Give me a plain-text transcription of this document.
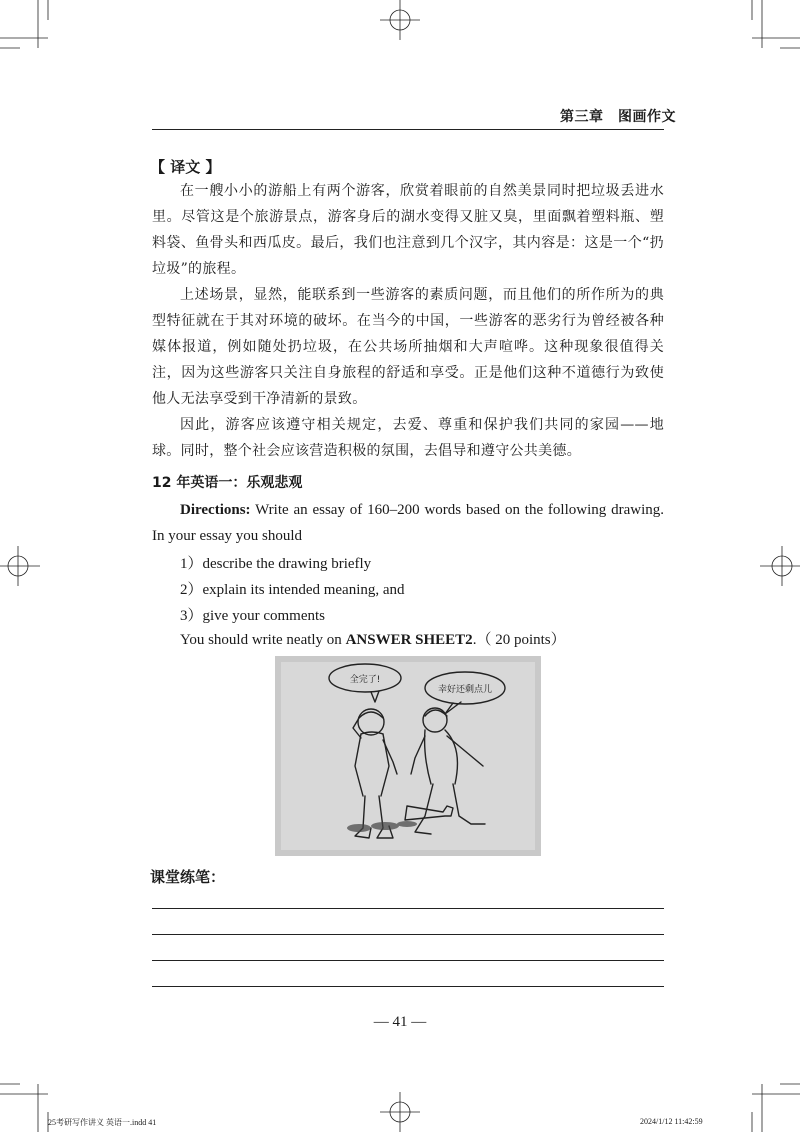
第三章　图画作文
【 译文 】
在一艘小小的游船上有两个游客，欣赏着眼前的自然美景同时把垃圾丢进水里。尽管这是个旅游景点，游客身后的湖水变得又脏又臭，里面飘着塑料瓶、塑料袋、鱼骨头和西瓜皮。最后，我们也注意到几个汉字，其内容是：这是一个“扔垃圾”的旅程。
上述场景，显然，能联系到一些游客的素质问题，而且他们的所作所为的典型特征就在于其对环境的破坏。在当今的中国，一些游客的恶劣行为曾经被各种媒体报道，例如随处扔垃圾，在公共场所抽烟和大声喧哗。这种现象很值得关注，因为这些游客只关注自身旅程的舒适和享受。正是他们这种不道德行为致使他人无法享受到干净清新的景致。
因此，游客应该遵守相关规定，去爱、尊重和保护我们共同的家园——地球。同时，整个社会应该营造积极的氛围，去倡导和遵守公共美德。
12 年英语一：乐观悲观
Directions: Write an essay of 160–200 words based on the following drawing. In your essay you should
1）describe the drawing briefly
2）explain its intended meaning, and
3）give your comments
You should write neatly on ANSWER SHEET2.（ 20 points）
全完了!
幸好还剩点儿
课堂练笔：
— 41 —
25考研写作讲义 英语一.indd 41	2024/1/12 11:42:59
